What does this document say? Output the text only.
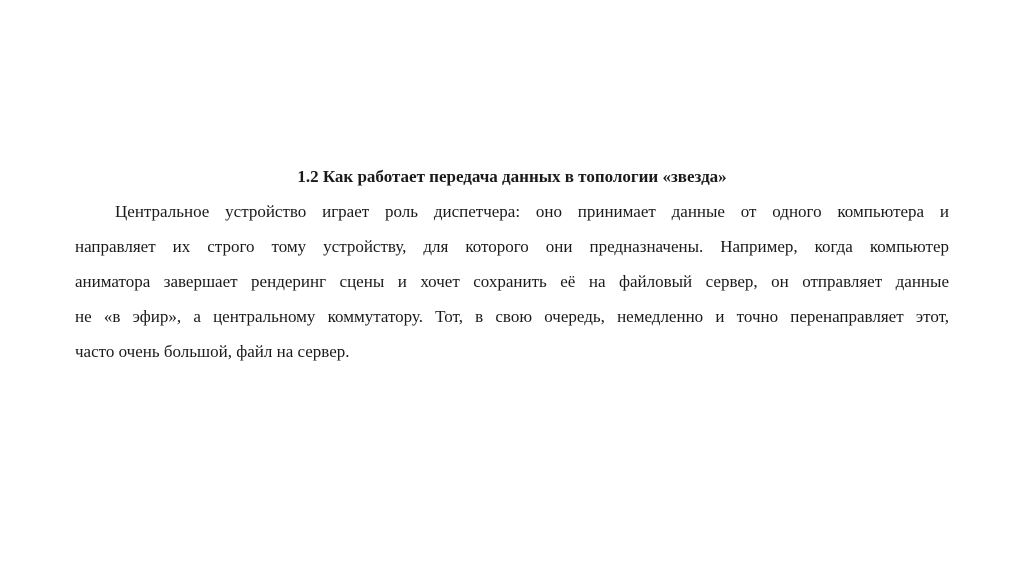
1.2 Как работает передача данных в топологии «звезда»
Центральное устройство играет роль диспетчера: оно принимает данные от одного компьютера и
направляет их строго тому устройству, для которого они предназначены. Например, когда компьютер
аниматора завершает рендеринг сцены и хочет сохранить её на файловый сервер, он отправляет данные
не «в эфир», а центральному коммутатору. Тот, в свою очередь, немедленно и точно перенаправляет этот,
часто очень большой, файл на сервер.
